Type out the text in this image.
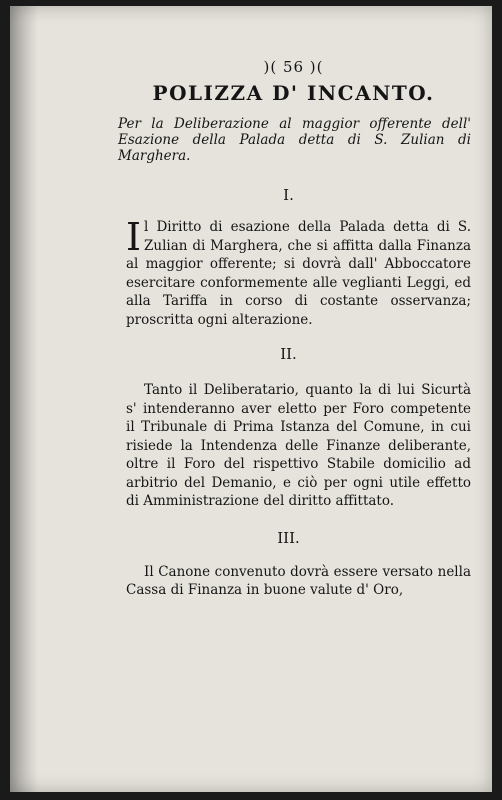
)( 56 )(
POLIZZA D' INCANTO.
Per la Deliberazione al maggior offerente dell' Esazione della Palada detta di S. Zulian di Marghera.
I.
Il Diritto di esazione della Palada detta di S. Zulian di Marghera, che si affitta dalla Finanza al maggior offerente; si dovrà dall' Abboccatore esercitare conformemente alle veglianti Leggi, ed alla Tariffa in corso di costante osservanza; proscritta ogni alterazione.
II.
Tanto il Deliberatario, quanto la di lui Sicurtà s' intenderanno aver eletto per Foro competente il Tribunale di Prima Istanza del Comune, in cui risiede la Intendenza delle Finanze deliberante, oltre il Foro del rispettivo Stabile domicilio ad arbitrio del Demanio, e ciò per ogni utile effetto di Amministrazione del diritto affittato.
III.
Il Canone convenuto dovrà essere versato nella Cassa di Finanza in buone valute d' Oro,
